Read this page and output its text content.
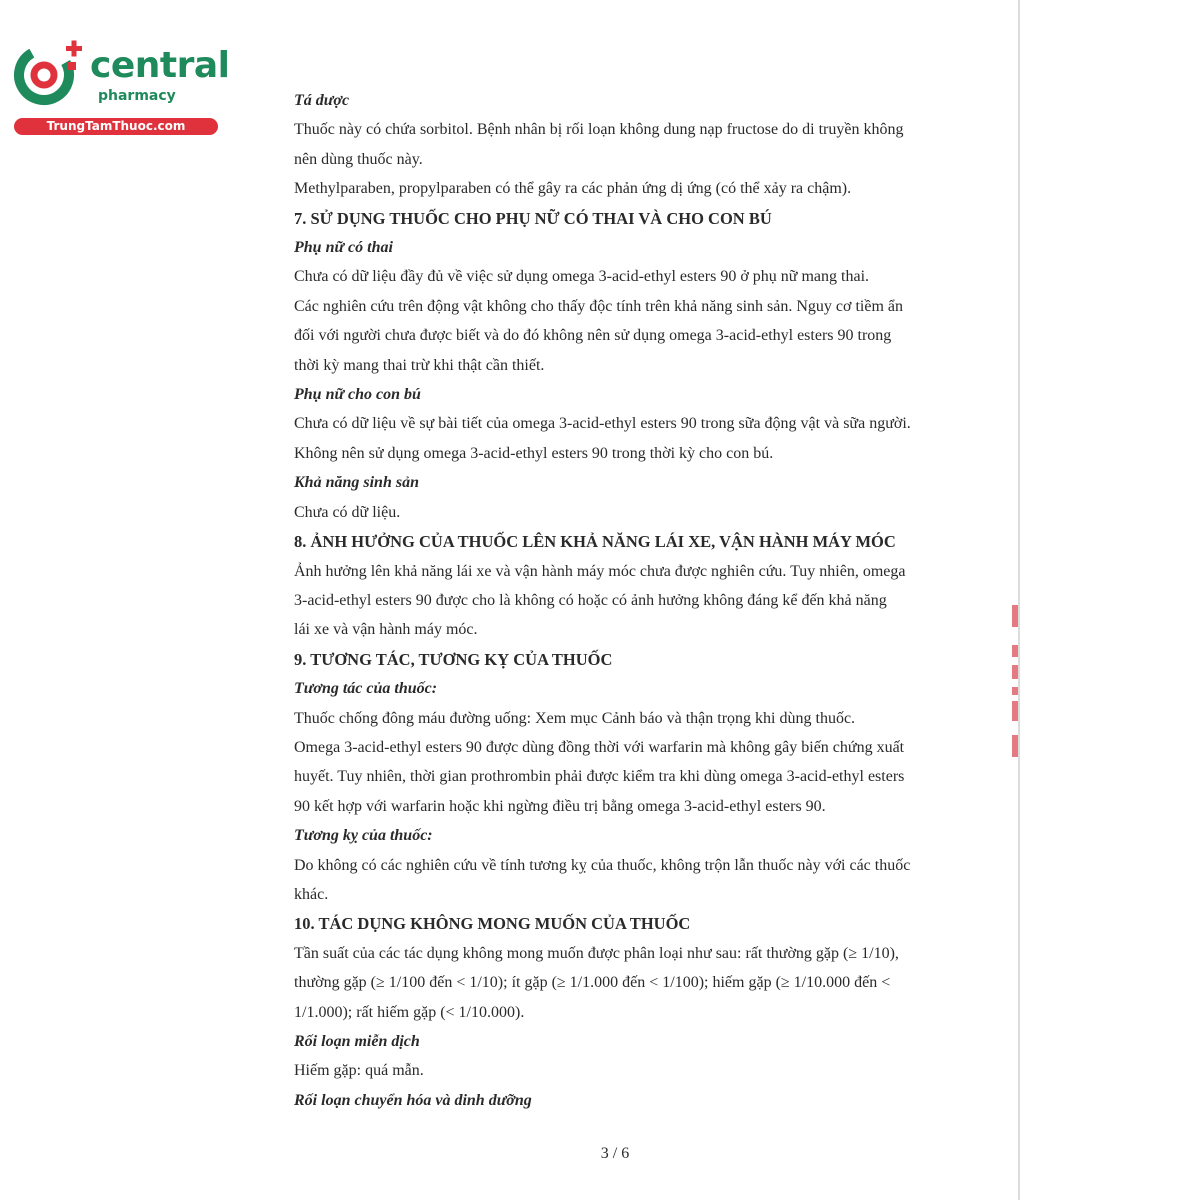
central
pharmacy
TrungTamThuoc.com
Tá dược
Thuốc này có chứa sorbitol. Bệnh nhân bị rối loạn không dung nạp fructose do di truyền không
nên dùng thuốc này.
Methylparaben, propylparaben có thể gây ra các phản ứng dị ứng (có thể xảy ra chậm).
7. SỬ DỤNG THUỐC CHO PHỤ NỮ CÓ THAI VÀ CHO CON BÚ
Phụ nữ có thai
Chưa có dữ liệu đầy đủ về việc sử dụng omega 3-acid-ethyl esters 90 ở phụ nữ mang thai.
Các nghiên cứu trên động vật không cho thấy độc tính trên khả năng sinh sản. Nguy cơ tiềm ẩn
đối với người chưa được biết và do đó không nên sử dụng omega 3-acid-ethyl esters 90 trong
thời kỳ mang thai trừ khi thật cần thiết.
Phụ nữ cho con bú
Chưa có dữ liệu về sự bài tiết của omega 3-acid-ethyl esters 90 trong sữa động vật và sữa người.
Không nên sử dụng omega 3-acid-ethyl esters 90 trong thời kỳ cho con bú.
Khả năng sinh sản
Chưa có dữ liệu.
8. ẢNH HƯỞNG CỦA THUỐC LÊN KHẢ NĂNG LÁI XE, VẬN HÀNH MÁY MÓC
Ảnh hưởng lên khả năng lái xe và vận hành máy móc chưa được nghiên cứu. Tuy nhiên, omega
3-acid-ethyl esters 90 được cho là không có hoặc có ảnh hưởng không đáng kể đến khả năng
lái xe và vận hành máy móc.
9. TƯƠNG TÁC, TƯƠNG KỴ CỦA THUỐC
Tương tác của thuốc:
Thuốc chống đông máu đường uống: Xem mục Cảnh báo và thận trọng khi dùng thuốc.
Omega 3-acid-ethyl esters 90 được dùng đồng thời với warfarin mà không gây biến chứng xuất
huyết. Tuy nhiên, thời gian prothrombin phải được kiểm tra khi dùng omega 3-acid-ethyl esters
90 kết hợp với warfarin hoặc khi ngừng điều trị bằng omega 3-acid-ethyl esters 90.
Tương kỵ của thuốc:
Do không có các nghiên cứu về tính tương kỵ của thuốc, không trộn lẫn thuốc này với các thuốc
khác.
10. TÁC DỤNG KHÔNG MONG MUỐN CỦA THUỐC
Tần suất của các tác dụng không mong muốn được phân loại như sau: rất thường gặp (≥ 1/10),
thường gặp (≥ 1/100 đến < 1/10); ít gặp (≥ 1/1.000 đến < 1/100); hiếm gặp (≥ 1/10.000 đến <
1/1.000); rất hiếm gặp (< 1/10.000).
Rối loạn miễn dịch
Hiếm gặp: quá mẫn.
Rối loạn chuyển hóa và dinh dưỡng
3 / 6
